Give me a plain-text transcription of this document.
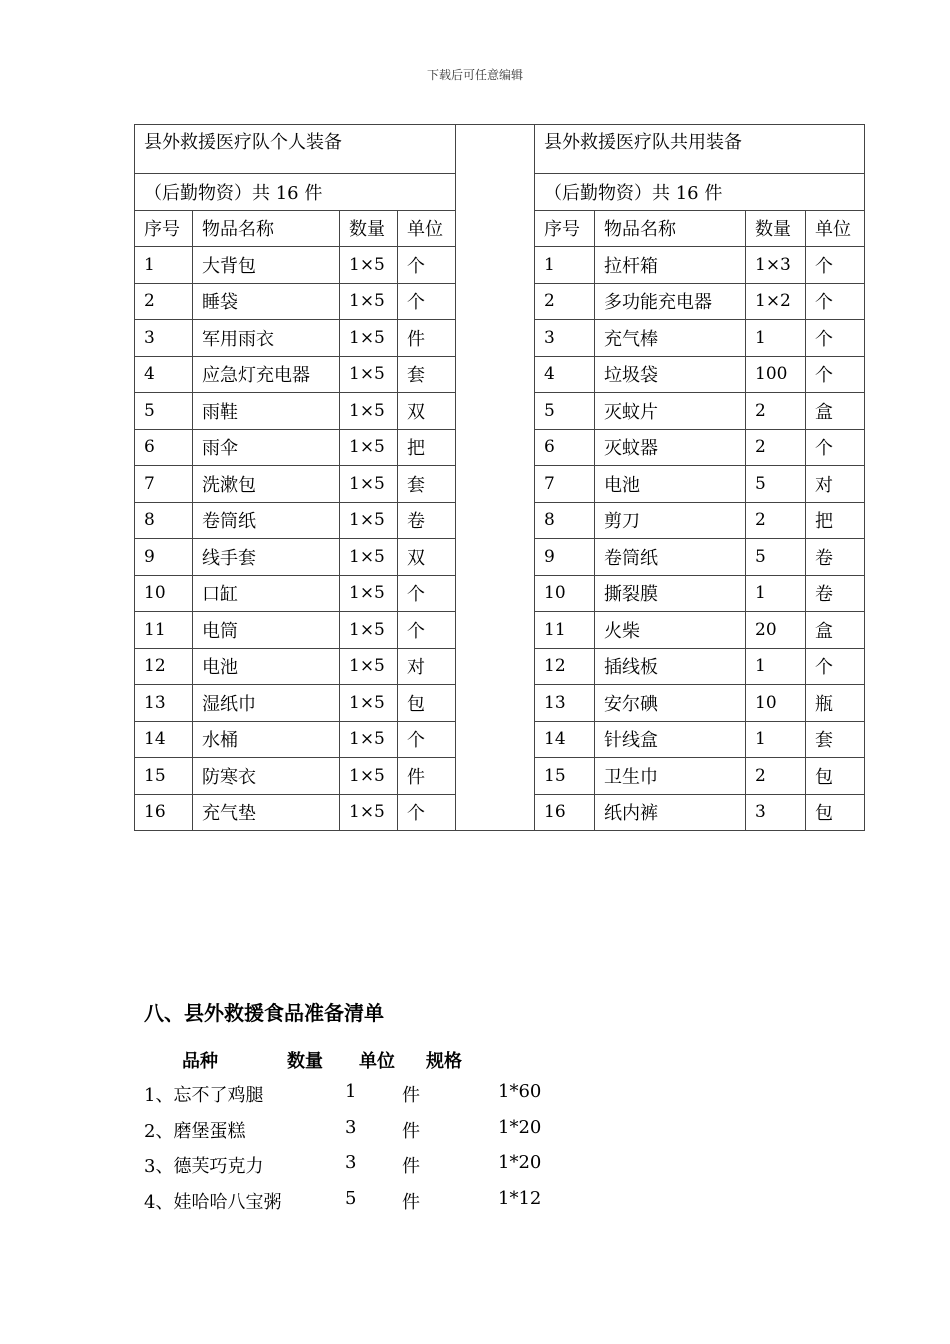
下载后可任意编辑
县外救援医疗队个人装备					县外救援医疗队共用装备			
（后勤物资）共 16 件					（后勤物资）共 16 件			
序号	物品名称	数量	单位		序号	物品名称	数量	单位
1	大背包	1×5	个		1	拉杆箱	1×3	个
2	睡袋	1×5	个		2	多功能充电器	1×2	个
3	军用雨衣	1×5	件		3	充气棒	1	个
4	应急灯充电器	1×5	套		4	垃圾袋	100	个
5	雨鞋	1×5	双		5	灭蚊片	2	盒
6	雨伞	1×5	把		6	灭蚊器	2	个
7	洗漱包	1×5	套		7	电池	5	对
8	卷筒纸	1×5	卷		8	剪刀	2	把
9	线手套	1×5	双		9	卷筒纸	5	卷
10	口缸	1×5	个		10	撕裂膜	1	卷
11	电筒	1×5	个		11	火柴	20	盒
12	电池	1×5	对		12	插线板	1	个
13	湿纸巾	1×5	包		13	安尔碘	10	瓶
14	水桶	1×5	个		14	针线盒	1	套
15	防寒衣	1×5	件		15	卫生巾	2	包
16	充气垫	1×5	个		16	纸内裤	3	包
八、县外救援食品准备清单
品种	数量 单位 规格
1、忘不了鸡腿	1	件	1*60
2、磨堡蛋糕	3	件	1*20
3、德芙巧克力	3	件	1*20
4、娃哈哈八宝粥	5	件	1*12
